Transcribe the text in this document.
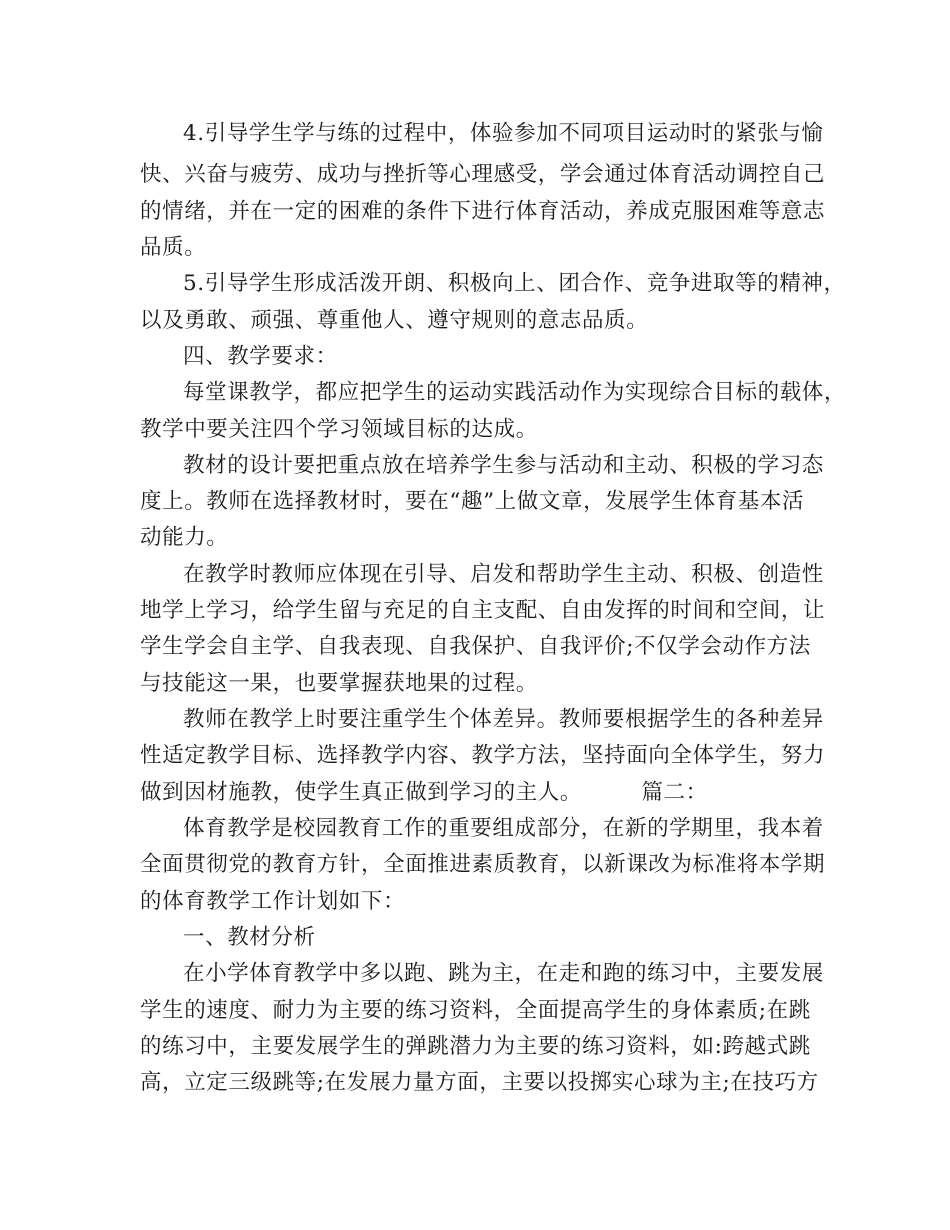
4.引导学生学与练的过程中，体验参加不同项目运动时的紧张与愉
快、兴奋与疲劳、成功与挫折等心理感受，学会通过体育活动调控自己
的情绪，并在一定的困难的条件下进行体育活动，养成克服困难等意志
品质。
5.引导学生形成活泼开朗、积极向上、团合作、竞争进取等的精神，
以及勇敢、顽强、尊重他人、遵守规则的意志品质。
四、教学要求：
每堂课教学，都应把学生的运动实践活动作为实现综合目标的载体，
教学中要关注四个学习领域目标的达成。
教材的设计要把重点放在培养学生参与活动和主动、积极的学习态
度上。教师在选择教材时，要在“趣”上做文章，发展学生体育基本活
动能力。
在教学时教师应体现在引导、启发和帮助学生主动、积极、创造性
地学上学习，给学生留与充足的自主支配、自由发挥的时间和空间，让
学生学会自主学、自我表现、自我保护、自我评价;不仅学会动作方法
与技能这一果，也要掌握获地果的过程。
教师在教学上时要注重学生个体差异。教师要根据学生的各种差异
性适定教学目标、选择教学内容、教学方法，坚持面向全体学生，努力
做到因材施教，使学生真正做到学习的主人。        篇二：
体育教学是校园教育工作的重要组成部分，在新的学期里，我本着
全面贯彻党的教育方针，全面推进素质教育，以新课改为标准将本学期
的体育教学工作计划如下：
一、教材分析
在小学体育教学中多以跑、跳为主，在走和跑的练习中，主要发展
学生的速度、耐力为主要的练习资料，全面提高学生的身体素质;在跳
的练习中，主要发展学生的弹跳潜力为主要的练习资料，如:跨越式跳
高，立定三级跳等;在发展力量方面，主要以投掷实心球为主;在技巧方
